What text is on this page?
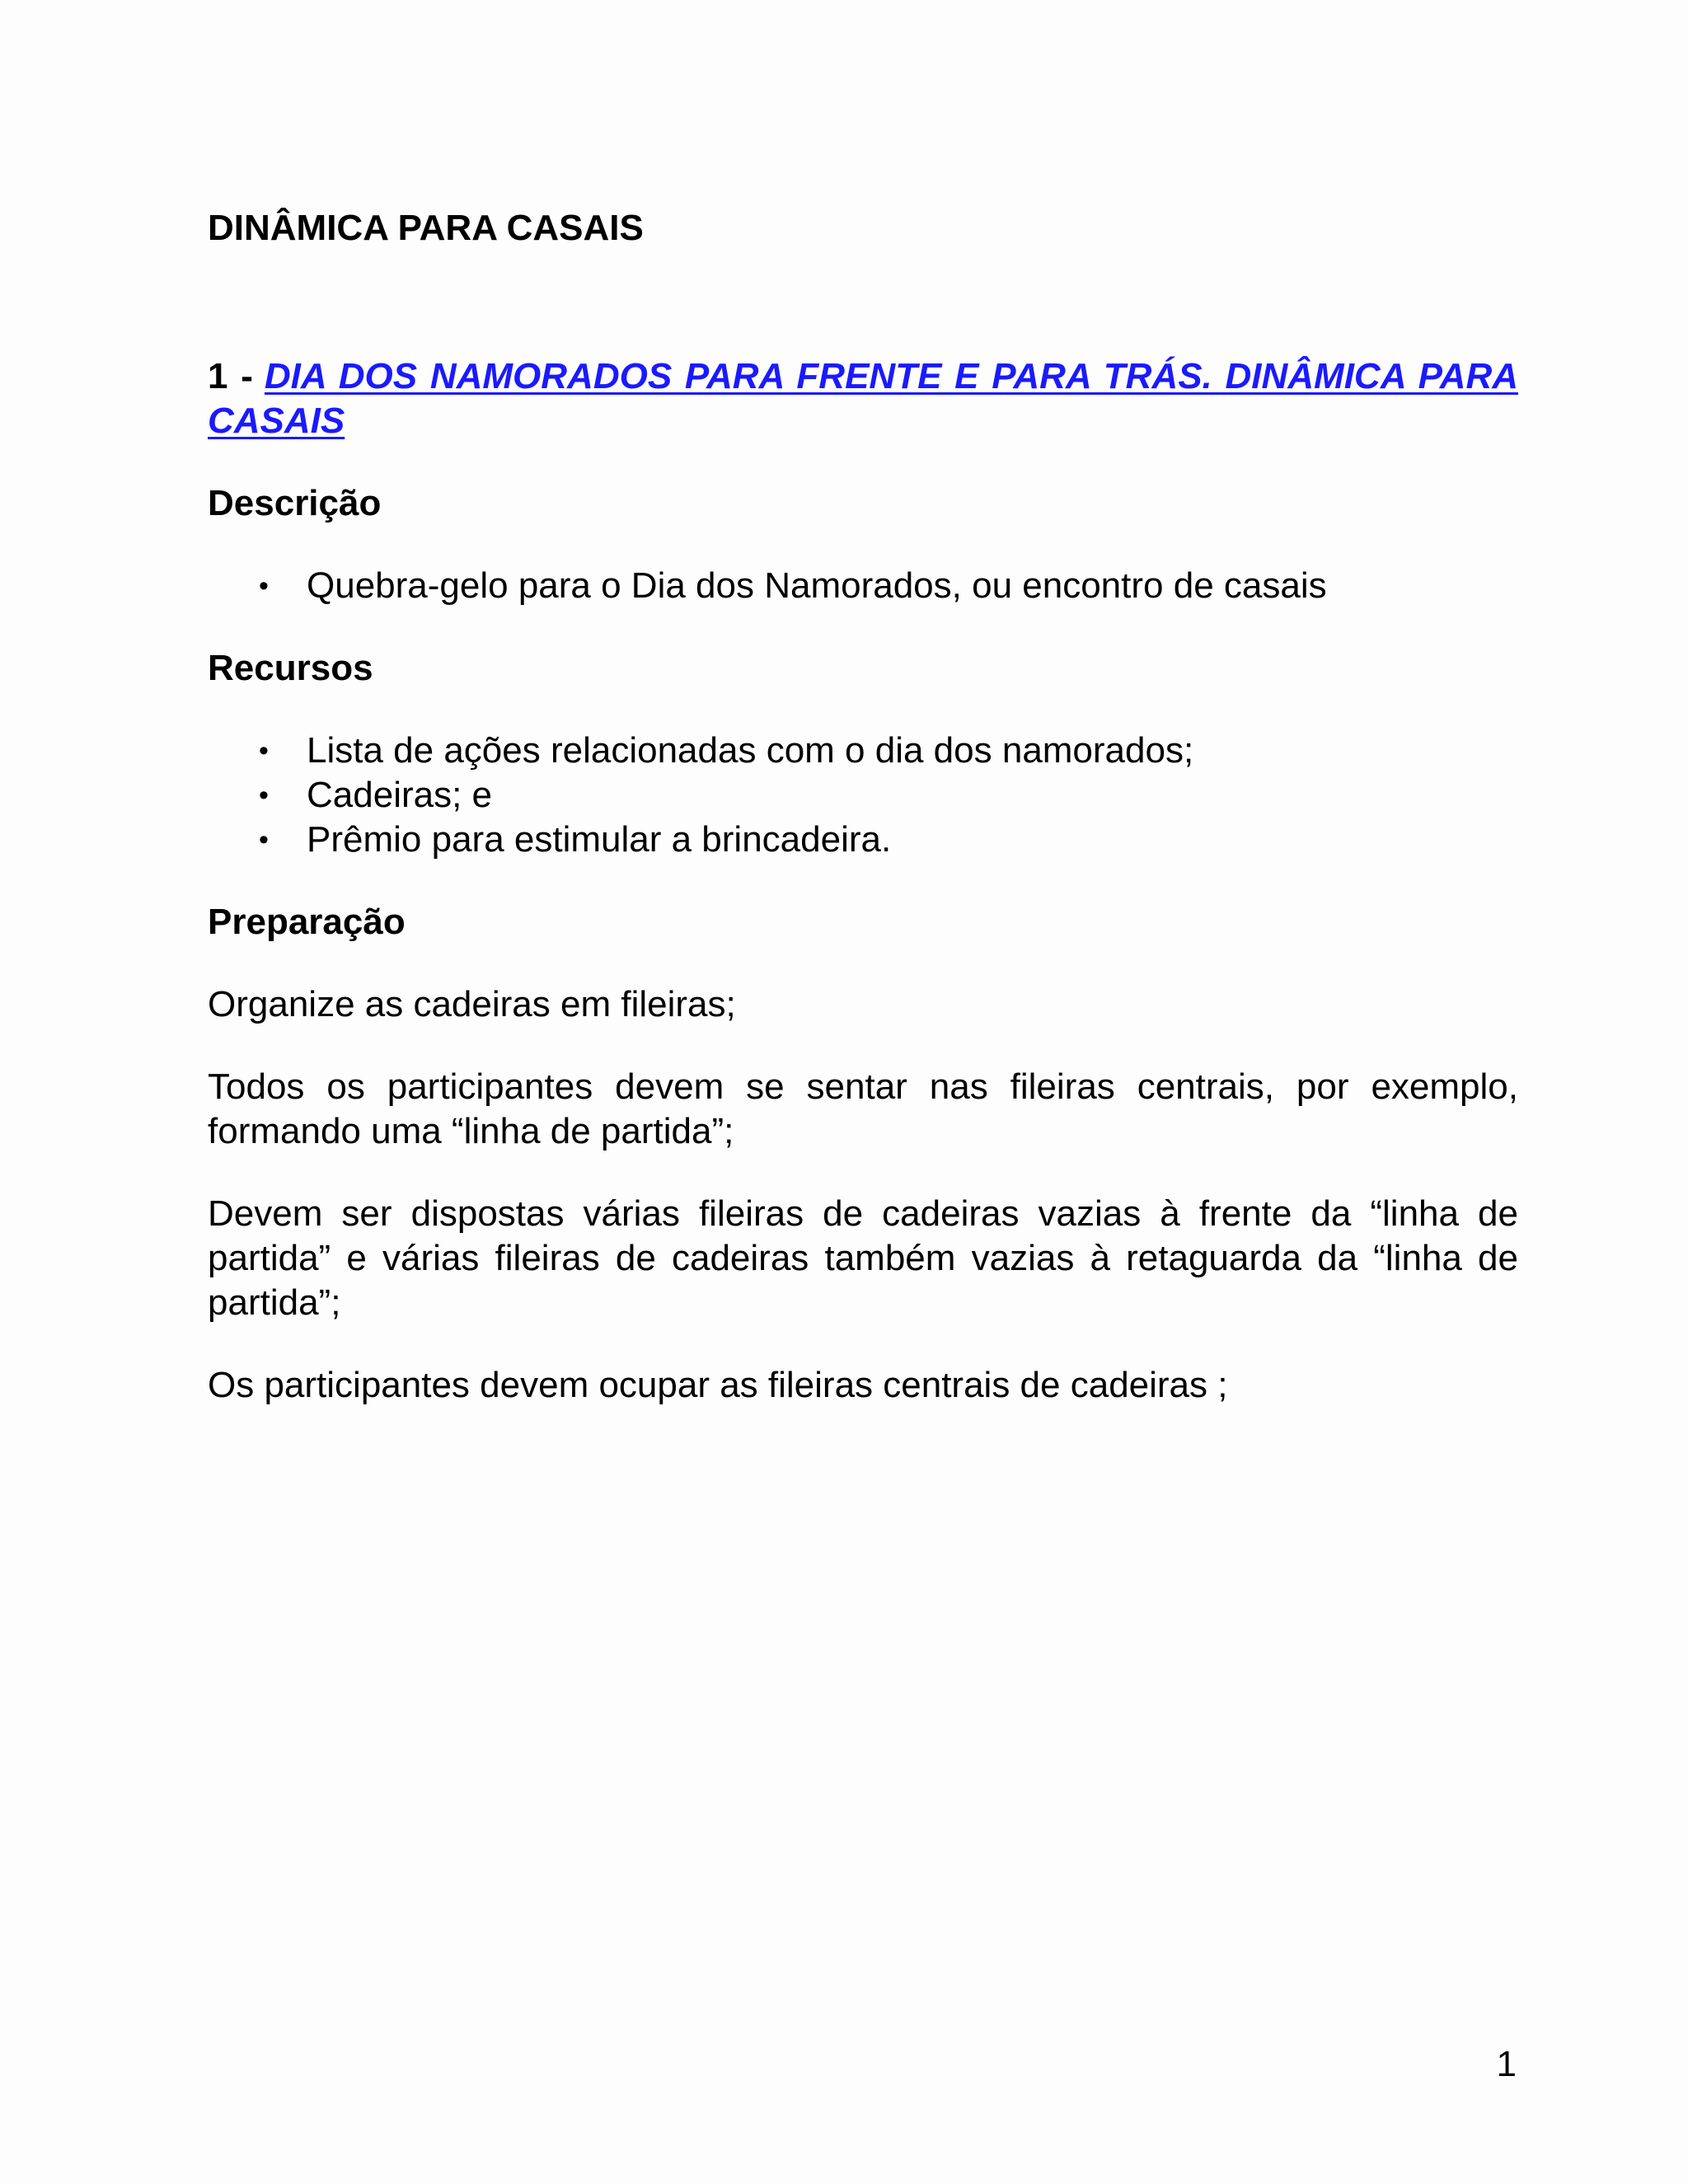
DINÂMICA PARA CASAIS
1 - DIA DOS NAMORADOS PARA FRENTE E PARA TRÁS. DINÂMICA PARA CASAIS
Descrição
• Quebra-gelo para o Dia dos Namorados, ou encontro de casais
Recursos
• Lista de ações relacionadas com o dia dos namorados;
• Cadeiras; e
• Prêmio para estimular a brincadeira.
Preparação

Organize as cadeiras em fileiras;

Todos os participantes devem se sentar nas fileiras centrais, por exemplo, formando uma “linha de partida”;

Devem ser dispostas várias fileiras de cadeiras vazias à frente da “linha de partida” e várias fileiras de cadeiras também vazias à retaguarda da “linha de partida”;

Os participantes devem ocupar as fileiras centrais de cadeiras ;

1
